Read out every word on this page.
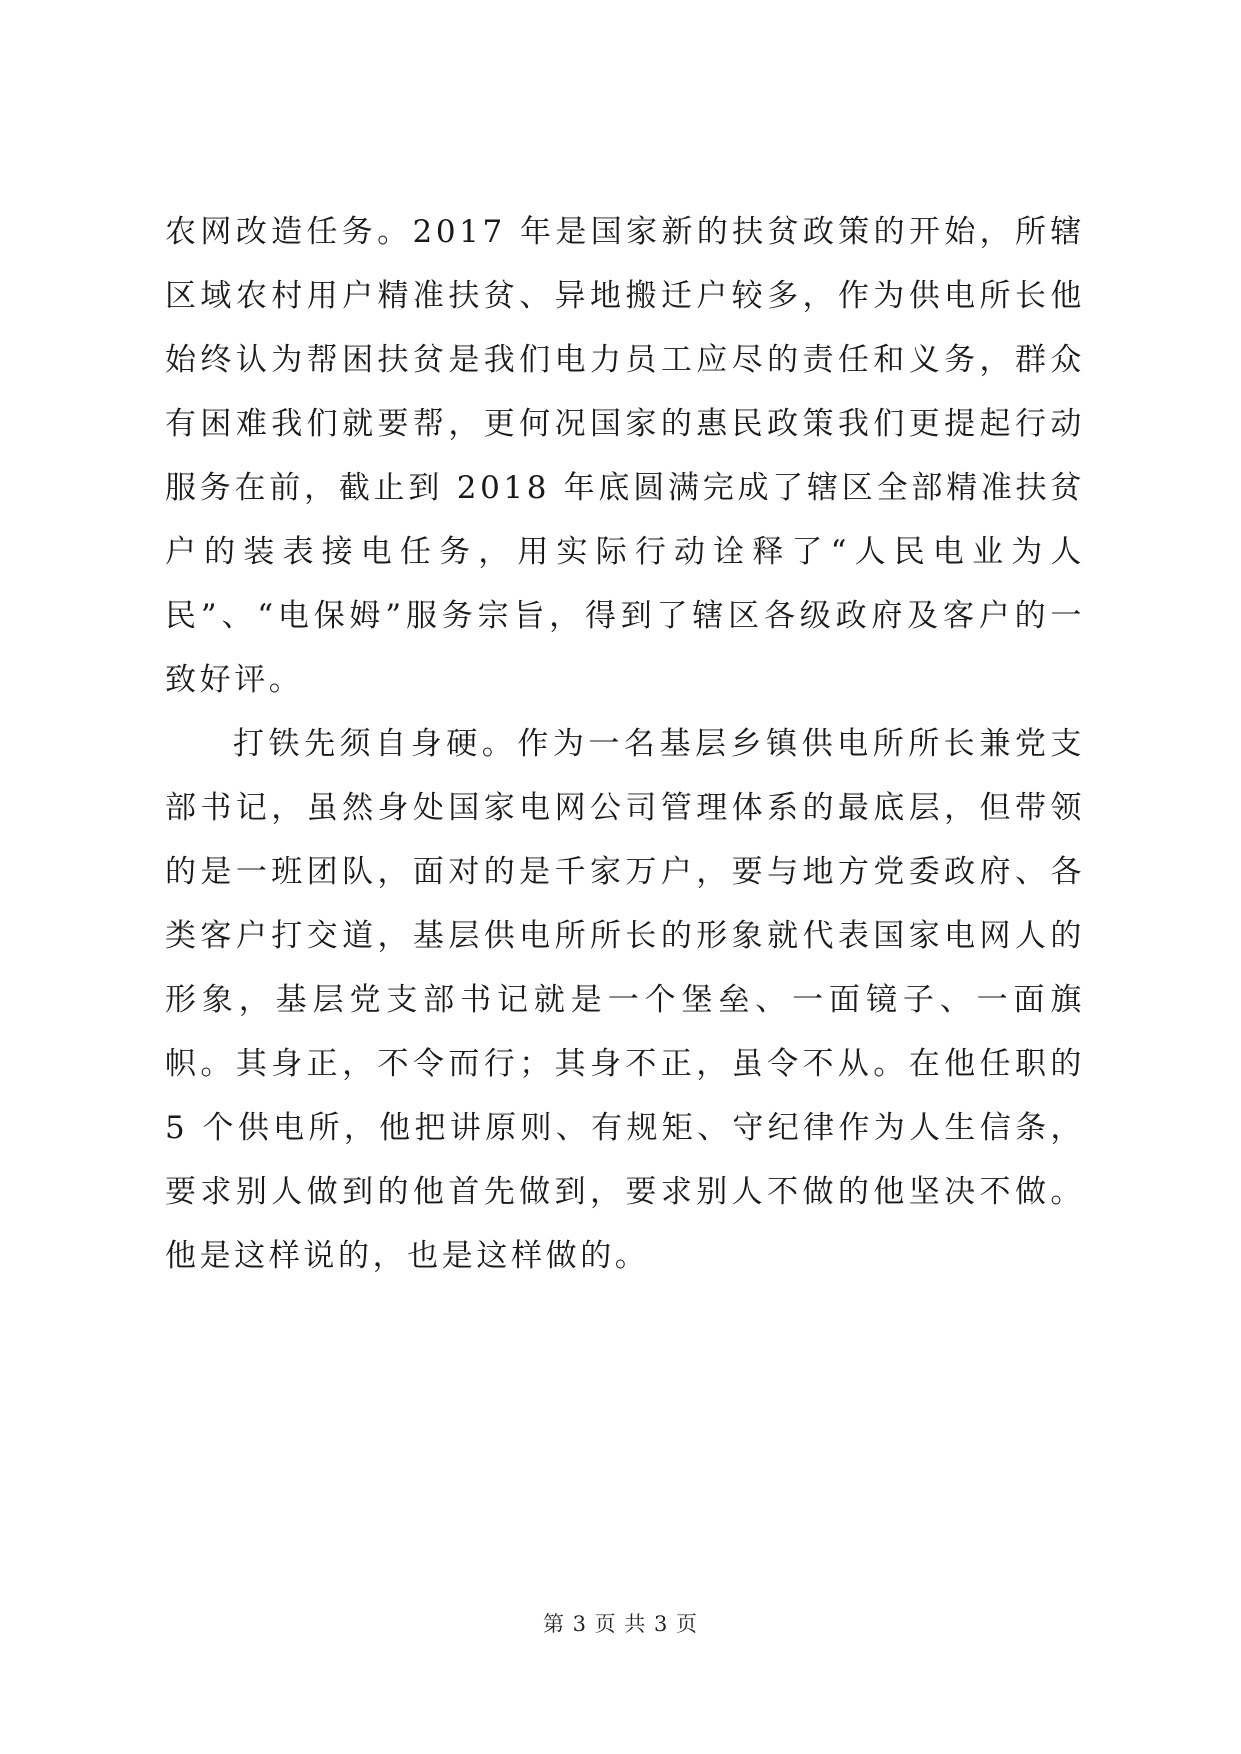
农网改造任务。2017 年是国家新的扶贫政策的开始，所辖区域农村用户精准扶贫、异地搬迁户较多，作为供电所长他始终认为帮困扶贫是我们电力员工应尽的责任和义务，群众有困难我们就要帮，更何况国家的惠民政策我们更提起行动服务在前，截止到 2018 年底圆满完成了辖区全部精准扶贫户的装表接电任务，用实际行动诠释了“人民电业为人民”、“电保姆”服务宗旨，得到了辖区各级政府及客户的一致好评。

打铁先须自身硬。作为一名基层乡镇供电所所长兼党支部书记，虽然身处国家电网公司管理体系的最底层，但带领的是一班团队，面对的是千家万户，要与地方党委政府、各类客户打交道，基层供电所所长的形象就代表国家电网人的形象，基层党支部书记就是一个堡垒、一面镜子、一面旗帜。其身正，不令而行；其身不正，虽令不从。在他任职的 5 个供电所，他把讲原则、有规矩、守纪律作为人生信条，要求别人做到的他首先做到，要求别人不做的他坚决不做。他是这样说的，也是这样做的。

第 3 页 共 3 页
